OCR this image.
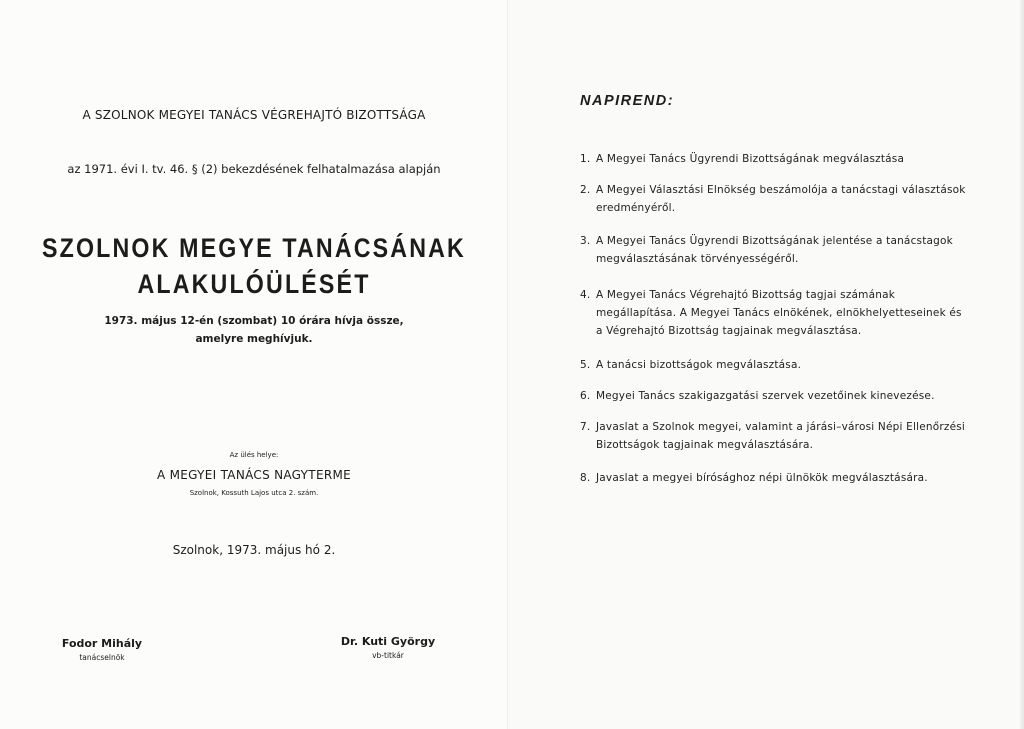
A SZOLNOK MEGYEI TANÁCS VÉGREHAJTÓ BIZOTTSÁGA
az 1971. évi I. tv. 46. § (2) bekezdésének felhatalmazása alapján
SZOLNOK MEGYE TANÁCSÁNAK
ALAKULÓÜLÉSÉT
1973. május 12-én (szombat) 10 órára hívja össze,
amelyre meghívjuk.
Az ülés helye:
A MEGYEI TANÁCS NAGYTERME
Szolnok, Kossuth Lajos utca 2. szám.
Szolnok, 1973. május hó 2.
Fodor Mihály
tanácselnök
Dr. Kuti György
vb-titkár
NAPIREND:
1. A Megyei Tanács Ügyrendi Bizottságának megválasztása
2. A Megyei Választási Elnökség beszámolója a tanácstagi választások eredményéről.
3. A Megyei Tanács Ügyrendi Bizottságának jelentése a tanácstagok megválasztásának törvényességéről.
4. A Megyei Tanács Végrehajtó Bizottság tagjai számának megállapítása. A Megyei Tanács elnökének, elnökhelyetteseinek és a Végrehajtó Bizottság tagjainak megválasztása.
5. A tanácsi bizottságok megválasztása.
6. Megyei Tanács szakigazgatási szervek vezetőinek kinevezése.
7. Javaslat a Szolnok megyei, valamint a járási–városi Népi Ellenőrzési Bizottságok tagjainak megválasztására.
8. Javaslat a megyei bírósághoz népi ülnökök megválasztására.
